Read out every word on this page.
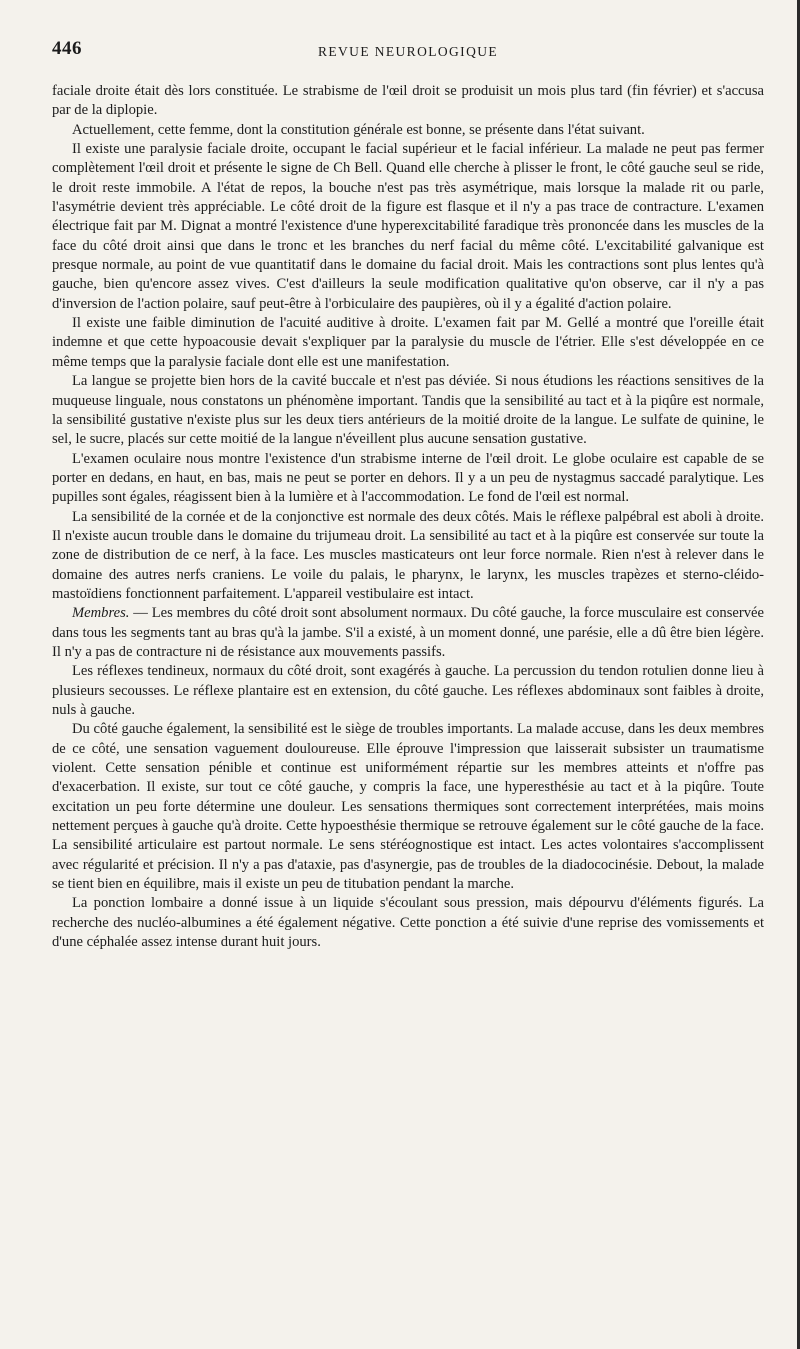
446	REVUE NEUROLOGIQUE

faciale droite était dès lors constituée. Le strabisme de l'œil droit se produisit un mois plus tard (fin février) et s'accusa par de la diplopie.

Actuellement, cette femme, dont la constitution générale est bonne, se présente dans l'état suivant.

Il existe une paralysie faciale droite, occupant le facial supérieur et le facial inférieur. La malade ne peut pas fermer complètement l'œil droit et présente le signe de Ch Bell. Quand elle cherche à plisser le front, le côté gauche seul se ride, le droit reste immobile. A l'état de repos, la bouche n'est pas très asymétrique, mais lorsque la malade rit ou parle, l'asymétrie devient très appréciable. Le côté droit de la figure est flasque et il n'y a pas trace de contracture. L'examen électrique fait par M. Dignat a montré l'existence d'une hyperexcitabilité faradique très prononcée dans les muscles de la face du côté droit ainsi que dans le tronc et les branches du nerf facial du même côté. L'excitabilité galvanique est presque normale, au point de vue quantitatif dans le domaine du facial droit. Mais les contractions sont plus lentes qu'à gauche, bien qu'encore assez vives. C'est d'ailleurs la seule modification qualitative qu'on observe, car il n'y a pas d'inversion de l'action polaire, sauf peut-être à l'orbiculaire des paupières, où il y a égalité d'action polaire.

Il existe une faible diminution de l'acuité auditive à droite. L'examen fait par M. Gellé a montré que l'oreille était indemne et que cette hypoacousie devait s'expliquer par la paralysie du muscle de l'étrier. Elle s'est développée en ce même temps que la paralysie faciale dont elle est une manifestation.

La langue se projette bien hors de la cavité buccale et n'est pas déviée. Si nous étudions les réactions sensitives de la muqueuse linguale, nous constatons un phénomène important. Tandis que la sensibilité au tact et à la piqûre est normale, la sensibilité gustative n'existe plus sur les deux tiers antérieurs de la moitié droite de la langue. Le sulfate de quinine, le sel, le sucre, placés sur cette moitié de la langue n'éveillent plus aucune sensation gustative.

L'examen oculaire nous montre l'existence d'un strabisme interne de l'œil droit. Le globe oculaire est capable de se porter en dedans, en haut, en bas, mais ne peut se porter en dehors. Il y a un peu de nystagmus saccadé paralytique. Les pupilles sont égales, réagissent bien à la lumière et à l'accommodation. Le fond de l'œil est normal.

La sensibilité de la cornée et de la conjonctive est normale des deux côtés. Mais le réflexe palpébral est aboli à droite. Il n'existe aucun trouble dans le domaine du trijumeau droit. La sensibilité au tact et à la piqûre est conservée sur toute la zone de distribution de ce nerf, à la face. Les muscles masticateurs ont leur force normale. Rien n'est à relever dans le domaine des autres nerfs craniens. Le voile du palais, le pharynx, le larynx, les muscles trapèzes et sterno-cléido-mastoïdiens fonctionnent parfaitement. L'appareil vestibulaire est intact.

Membres. — Les membres du côté droit sont absolument normaux. Du côté gauche, la force musculaire est conservée dans tous les segments tant au bras qu'à la jambe. S'il a existé, à un moment donné, une parésie, elle a dû être bien légère. Il n'y a pas de contracture ni de résistance aux mouvements passifs.

Les réflexes tendineux, normaux du côté droit, sont exagérés à gauche. La percussion du tendon rotulien donne lieu à plusieurs secousses. Le réflexe plantaire est en extension, du côté gauche. Les réflexes abdominaux sont faibles à droite, nuls à gauche.

Du côté gauche également, la sensibilité est le siège de troubles importants. La malade accuse, dans les deux membres de ce côté, une sensation vaguement douloureuse. Elle éprouve l'impression que laisserait subsister un traumatisme violent. Cette sensation pénible et continue est uniformément répartie sur les membres atteints et n'offre pas d'exacerbation. Il existe, sur tout ce côté gauche, y compris la face, une hyperesthésie au tact et à la piqûre. Toute excitation un peu forte détermine une douleur. Les sensations thermiques sont correctement interprétées, mais moins nettement perçues à gauche qu'à droite. Cette hypoesthésie thermique se retrouve également sur le côté gauche de la face. La sensibilité articulaire est partout normale. Le sens stéréognostique est intact. Les actes volontaires s'accomplissent avec régularité et précision. Il n'y a pas d'ataxie, pas d'asynergie, pas de troubles de la diadococinésie. Debout, la malade se tient bien en équilibre, mais il existe un peu de titubation pendant la marche.

La ponction lombaire a donné issue à un liquide s'écoulant sous pression, mais dépourvu d'éléments figurés. La recherche des nucléo-albumines a été également négative. Cette ponction a été suivie d'une reprise des vomissements et d'une céphalée assez intense durant huit jours.
